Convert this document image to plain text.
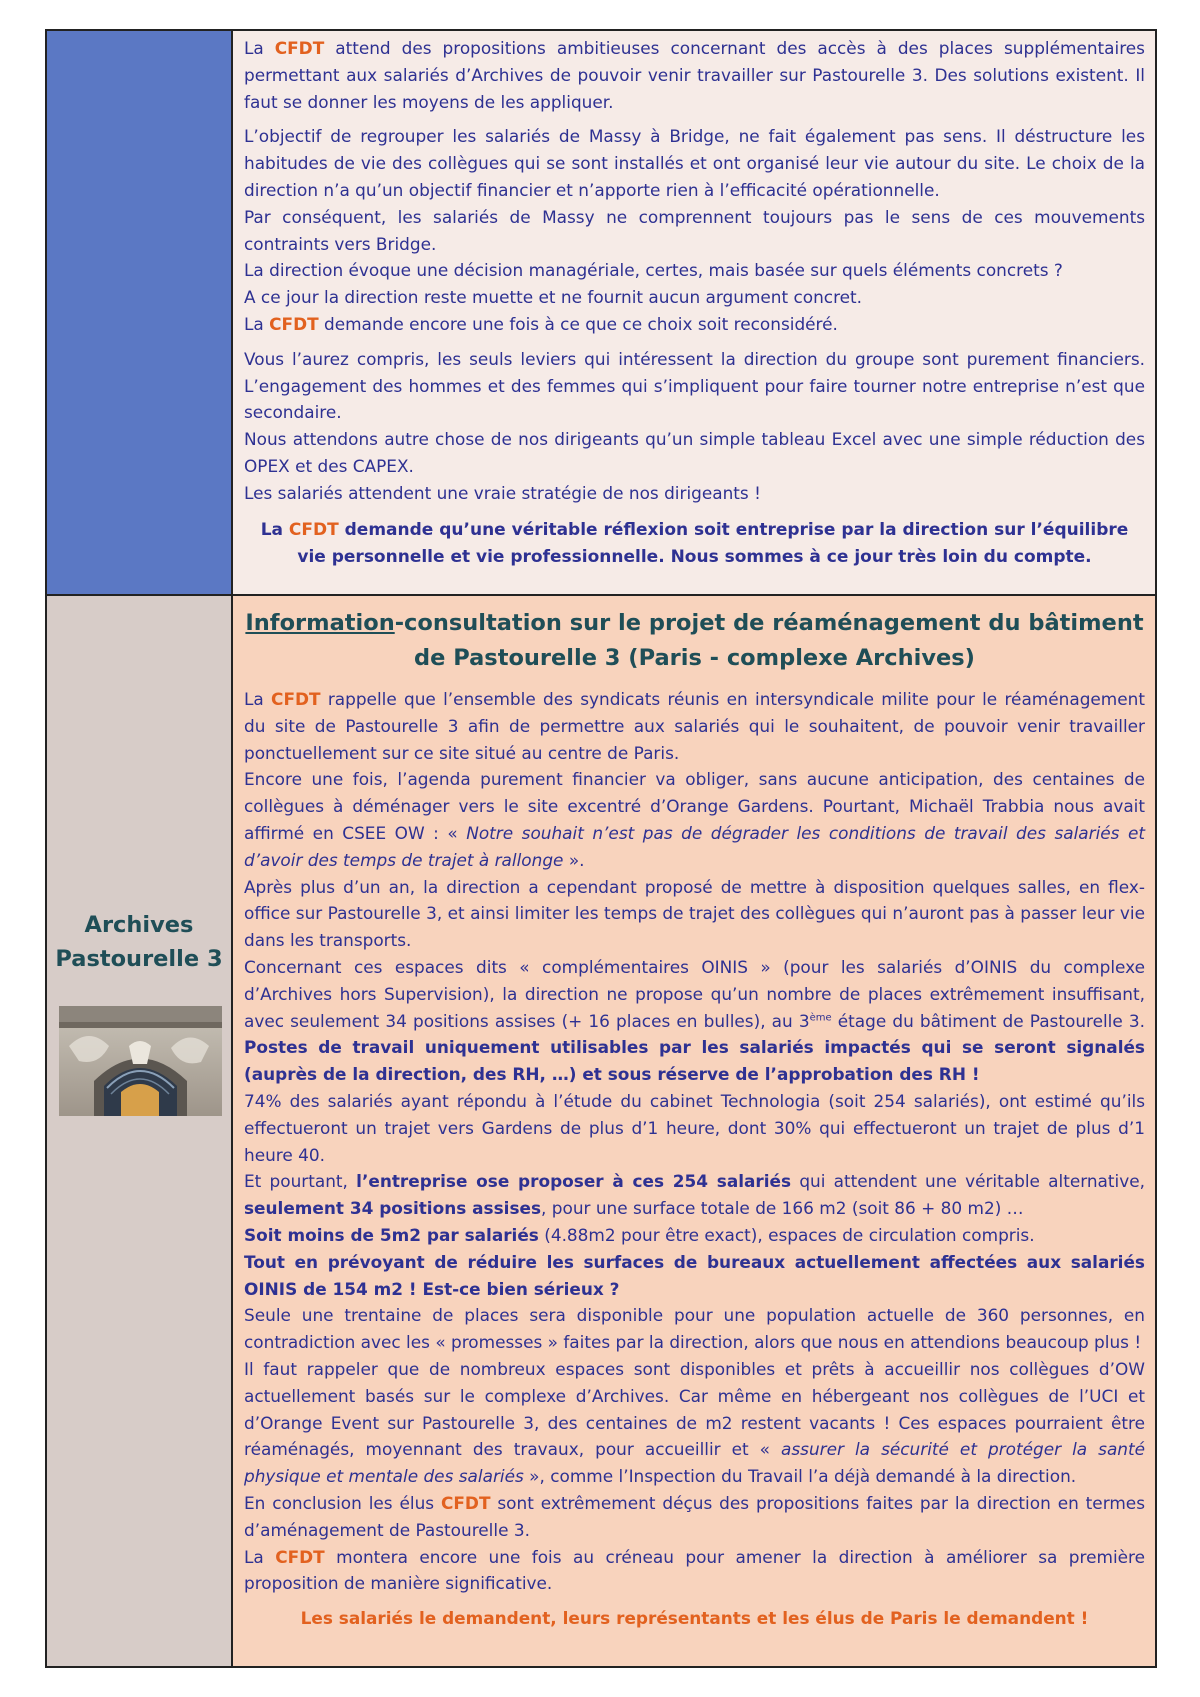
La CFDT attend des propositions ambitieuses concernant des accès à des places supplémentaires permettant aux salariés d’Archives de pouvoir venir travailler sur Pastourelle 3. Des solutions existent. Il faut se donner les moyens de les appliquer.

L’objectif de regrouper les salariés de Massy à Bridge, ne fait également pas sens. Il déstructure les habitudes de vie des collègues qui se sont installés et ont organisé leur vie autour du site. Le choix de la direction n’a qu’un objectif financier et n’apporte rien à l’efficacité opérationnelle.

Par conséquent, les salariés de Massy ne comprennent toujours pas le sens de ces mouvements contraints vers Bridge.

La direction évoque une décision managériale, certes, mais basée sur quels éléments concrets ?

A ce jour la direction reste muette et ne fournit aucun argument concret.

La CFDT demande encore une fois à ce que ce choix soit reconsidéré.

Vous l’aurez compris, les seuls leviers qui intéressent la direction du groupe sont purement financiers. L’engagement des hommes et des femmes qui s’impliquent pour faire tourner notre entreprise n’est que secondaire.

Nous attendons autre chose de nos dirigeants qu’un simple tableau Excel avec une simple réduction des OPEX et des CAPEX.

Les salariés attendent une vraie stratégie de nos dirigeants !

La CFDT demande qu’une véritable réflexion soit entreprise par la direction sur l’équilibre vie personnelle et vie professionnelle. Nous sommes à ce jour très loin du compte.
Archives
Pastourelle 3
Information-consultation sur le projet de réaménagement du bâtiment de Pastourelle 3 (Paris - complexe Archives)

La CFDT rappelle que l’ensemble des syndicats réunis en intersyndicale milite pour le réaménagement du site de Pastourelle 3 afin de permettre aux salariés qui le souhaitent, de pouvoir venir travailler ponctuellement sur ce site situé au centre de Paris.

Encore une fois, l’agenda purement financier va obliger, sans aucune anticipation, des centaines de collègues à déménager vers le site excentré d’Orange Gardens. Pourtant, Michaël Trabbia nous avait affirmé en CSEE OW : « Notre souhait n’est pas de dégrader les conditions de travail des salariés et d’avoir des temps de trajet à rallonge ».

Après plus d’un an, la direction a cependant proposé de mettre à disposition quelques salles, en flex-office sur Pastourelle 3, et ainsi limiter les temps de trajet des collègues qui n’auront pas à passer leur vie dans les transports.

Concernant ces espaces dits « complémentaires OINIS » (pour les salariés d’OINIS du complexe d’Archives hors Supervision), la direction ne propose qu’un nombre de places extrêmement insuffisant, avec seulement 34 positions assises (+ 16 places en bulles), au 3ème étage du bâtiment de Pastourelle 3. Postes de travail uniquement utilisables par les salariés impactés qui se seront signalés (auprès de la direction, des RH, …) et sous réserve de l’approbation des RH !

74% des salariés ayant répondu à l’étude du cabinet Technologia (soit 254 salariés), ont estimé qu’ils effectueront un trajet vers Gardens de plus d’1 heure, dont 30% qui effectueront un trajet de plus d’1 heure 40.

Et pourtant, l’entreprise ose proposer à ces 254 salariés qui attendent une véritable alternative, seulement 34 positions assises, pour une surface totale de 166 m2 (soit 86 + 80 m2) …

Soit moins de 5m2 par salariés (4.88m2 pour être exact), espaces de circulation compris.

Tout en prévoyant de réduire les surfaces de bureaux actuellement affectées aux salariés OINIS de 154 m2 ! Est-ce bien sérieux ?

Seule une trentaine de places sera disponible pour une population actuelle de 360 personnes, en contradiction avec les « promesses » faites par la direction, alors que nous en attendions beaucoup plus !

Il faut rappeler que de nombreux espaces sont disponibles et prêts à accueillir nos collègues d’OW actuellement basés sur le complexe d’Archives. Car même en hébergeant nos collègues de l’UCI et d’Orange Event sur Pastourelle 3, des centaines de m2 restent vacants ! Ces espaces pourraient être réaménagés, moyennant des travaux, pour accueillir et « assurer la sécurité et protéger la santé physique et mentale des salariés », comme l’Inspection du Travail l’a déjà demandé à la direction.

En conclusion les élus CFDT sont extrêmement déçus des propositions faites par la direction en termes d’aménagement de Pastourelle 3.

La CFDT montera encore une fois au créneau pour amener la direction à améliorer sa première proposition de manière significative.

Les salariés le demandent, leurs représentants et les élus de Paris le demandent !
